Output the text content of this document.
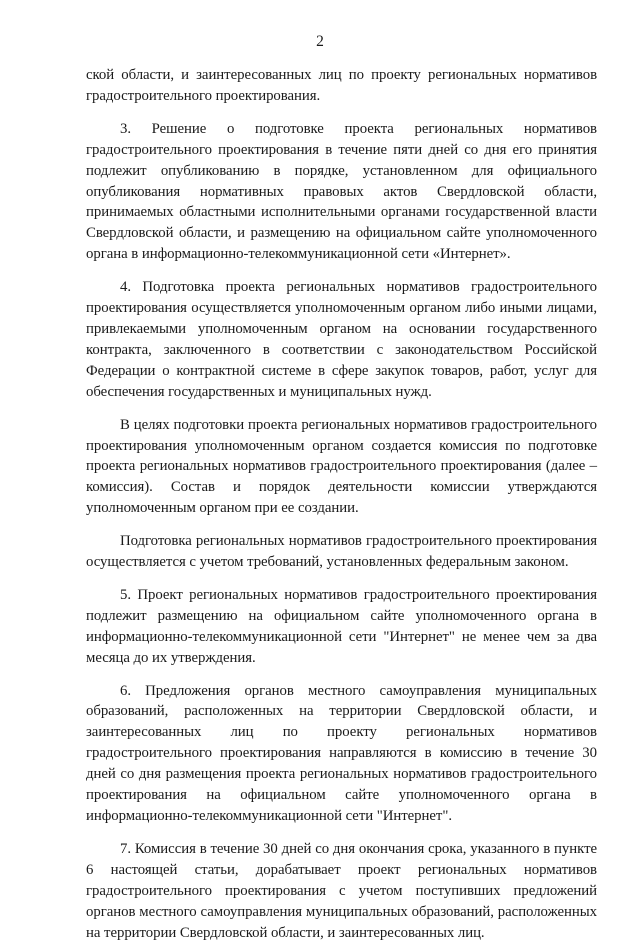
2

ской области, и заинтересованных лиц по проекту региональных нормативов градостроительного проектирования.

3. Решение о подготовке проекта региональных нормативов градостроительного проектирования в течение пяти дней со дня его принятия подлежит опубликованию в порядке, установленном для официального опубликования нормативных правовых актов Свердловской области, принимаемых областными исполнительными органами государственной власти Свердловской области, и размещению на официальном сайте уполномоченного органа в информационно-телекоммуникационной сети «Интернет».

4. Подготовка проекта региональных нормативов градостроительного проектирования осуществляется уполномоченным органом либо иными лицами, привлекаемыми уполномоченным органом на основании государственного контракта, заключенного в соответствии с законодательством Российской Федерации о контрактной системе в сфере закупок товаров, работ, услуг для обеспечения государственных и муниципальных нужд.

В целях подготовки проекта региональных нормативов градостроительного проектирования уполномоченным органом создается комиссия по подготовке проекта региональных нормативов градостроительного проектирования (далее – комиссия). Состав и порядок деятельности комиссии утверждаются уполномоченным органом при ее создании.

Подготовка региональных нормативов градостроительного проектирования осуществляется с учетом требований, установленных федеральным законом.

5. Проект региональных нормативов градостроительного проектирования подлежит размещению на официальном сайте уполномоченного органа в информационно-телекоммуникационной сети "Интернет" не менее чем за два месяца до их утверждения.

6. Предложения органов местного самоуправления муниципальных образований, расположенных на территории Свердловской области, и заинтересованных лиц по проекту региональных нормативов градостроительного проектирования направляются в комиссию в течение 30 дней со дня размещения проекта региональных нормативов градостроительного проектирования на официальном сайте уполномоченного органа в информационно-телекоммуникационной сети "Интернет".

7. Комиссия в течение 30 дней со дня окончания срока, указанного в пункте 6 настоящей статьи, дорабатывает проект региональных нормативов градостроительного проектирования с учетом поступивших предложений органов местного самоуправления муниципальных образований, расположенных на территории Свердловской области, и заинтересованных лиц.
